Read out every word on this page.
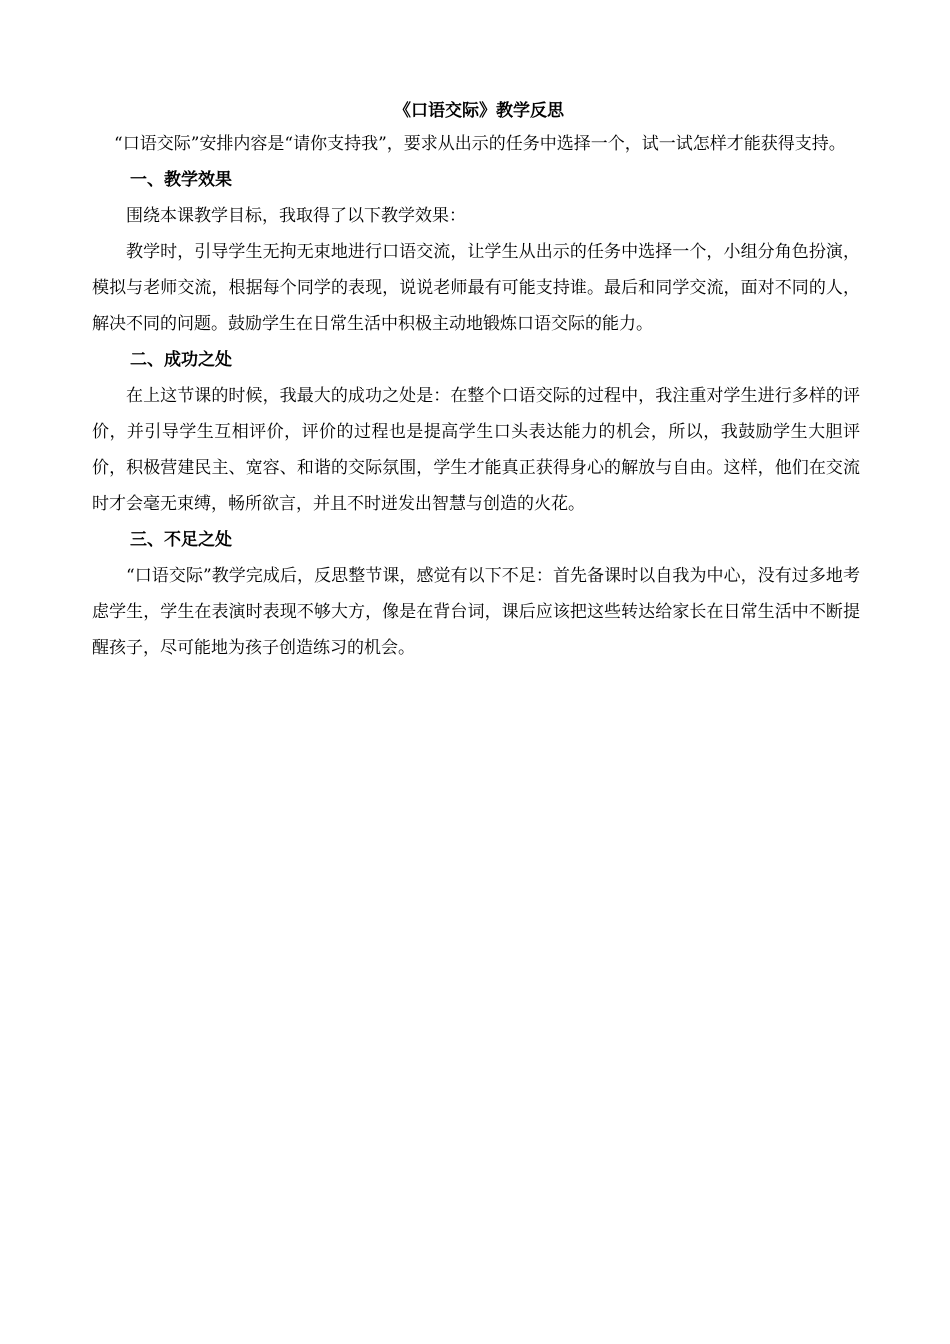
《口语交际》教学反思

“口语交际”安排内容是“请你支持我”，要求从出示的任务中选择一个，试一试怎样才能获得支持。

一、教学效果

围绕本课教学目标，我取得了以下教学效果：

教学时，引导学生无拘无束地进行口语交流，让学生从出示的任务中选择一个，小组分角色扮演，模拟与老师交流，根据每个同学的表现，说说老师最有可能支持谁。最后和同学交流，面对不同的人，解决不同的问题。鼓励学生在日常生活中积极主动地锻炼口语交际的能力。

二、成功之处

在上这节课的时候，我最大的成功之处是：在整个口语交际的过程中，我注重对学生进行多样的评价，并引导学生互相评价，评价的过程也是提高学生口头表达能力的机会，所以，我鼓励学生大胆评价，积极营建民主、宽容、和谐的交际氛围，学生才能真正获得身心的解放与自由。这样，他们在交流时才会毫无束缚，畅所欲言，并且不时迸发出智慧与创造的火花。

三、不足之处

“口语交际”教学完成后，反思整节课，感觉有以下不足：首先备课时以自我为中心，没有过多地考虑学生，学生在表演时表现不够大方，像是在背台词，课后应该把这些转达给家长在日常生活中不断提醒孩子，尽可能地为孩子创造练习的机会。
